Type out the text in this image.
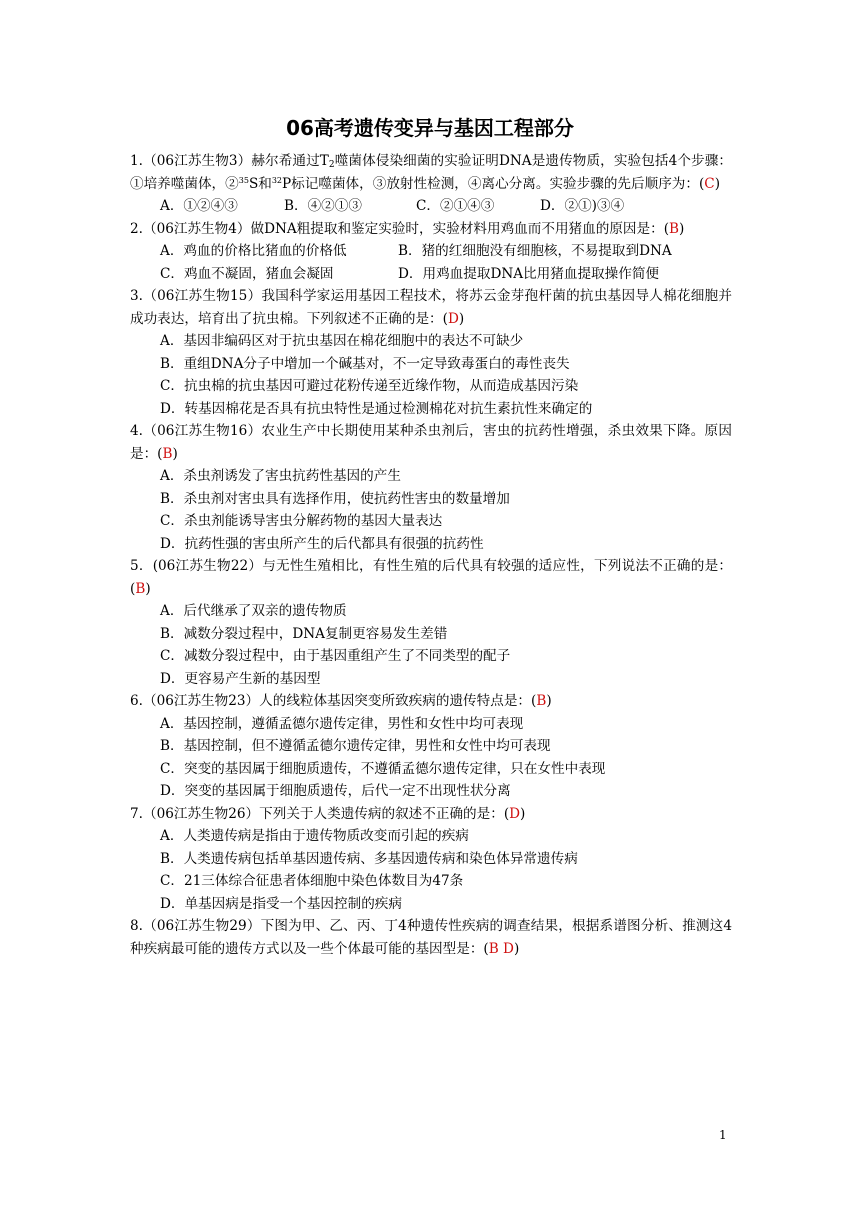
06高考遗传变异与基因工程部分
1.（06江苏生物3）赫尔希通过$T_2$噬菌体侵染细菌的实验证明DNA是遗传物质，实验包括4个步骤：①培养噬菌体，②$^{35}$S和$^{32}$P标记噬菌体，③放射性检测，④离心分离。实验步骤的先后顺序为：(C)
A．①②④③	B．④②①③	C．②①④③	D．②①)③④
2.（06江苏生物4）做DNA粗提取和鉴定实验时，实验材料用鸡血而不用猪血的原因是：(B)
A．鸡血的价格比猪血的价格低	B．猪的红细胞没有细胞核，不易提取到DNA
C．鸡血不凝固，猪血会凝固	D．用鸡血提取DNA比用猪血提取操作简便
3.（06江苏生物15）我国科学家运用基因工程技术，将苏云金芽孢杆菌的抗虫基因导人棉花细胞并成功表达，培育出了抗虫棉。下列叙述不正确的是：(D)
A．基因非编码区对于抗虫基因在棉花细胞中的表达不可缺少
B．重组DNA分子中增加一个碱基对，不一定导致毒蛋白的毒性丧失
C．抗虫棉的抗虫基因可避过花粉传递至近缘作物，从而造成基因污染
D．转基因棉花是否具有抗虫特性是通过检测棉花对抗生素抗性来确定的
4.（06江苏生物16）农业生产中长期使用某种杀虫剂后，害虫的抗药性增强，杀虫效果下降。原因是：(B)
A．杀虫剂诱发了害虫抗药性基因的产生
B．杀虫剂对害虫具有选择作用，使抗药性害虫的数量增加
C．杀虫剂能诱导害虫分解药物的基因大量表达
D．抗药性强的害虫所产生的后代都具有很强的抗药性
5．(06江苏生物22）与无性生殖相比，有性生殖的后代具有较强的适应性，下列说法不正确的是：(B)
A．后代继承了双亲的遗传物质
B．减数分裂过程中，DNA复制更容易发生差错
C．减数分裂过程中，由于基因重组产生了不同类型的配子
D．更容易产生新的基因型
6.（06江苏生物23）人的线粒体基因突变所致疾病的遗传特点是：(B)
A．基因控制，遵循孟德尔遗传定律，男性和女性中均可表现
B．基因控制，但不遵循孟德尔遗传定律，男性和女性中均可表现
C．突变的基因属于细胞质遗传，不遵循孟德尔遗传定律，只在女性中表现
D．突变的基因属于细胞质遗传，后代一定不出现性状分离
7.（06江苏生物26）下列关于人类遗传病的叙述不正确的是：(D)
A．人类遗传病是指由于遗传物质改变而引起的疾病
B．人类遗传病包括单基因遗传病、多基因遗传病和染色体异常遗传病
C．21三体综合征患者体细胞中染色体数目为47条
D．单基因病是指受一个基因控制的疾病
8.（06江苏生物29）下图为甲、乙、丙、丁4种遗传性疾病的调查结果，根据系谱图分析、推测这4种疾病最可能的遗传方式以及一些个体最可能的基因型是：(B D)
1
